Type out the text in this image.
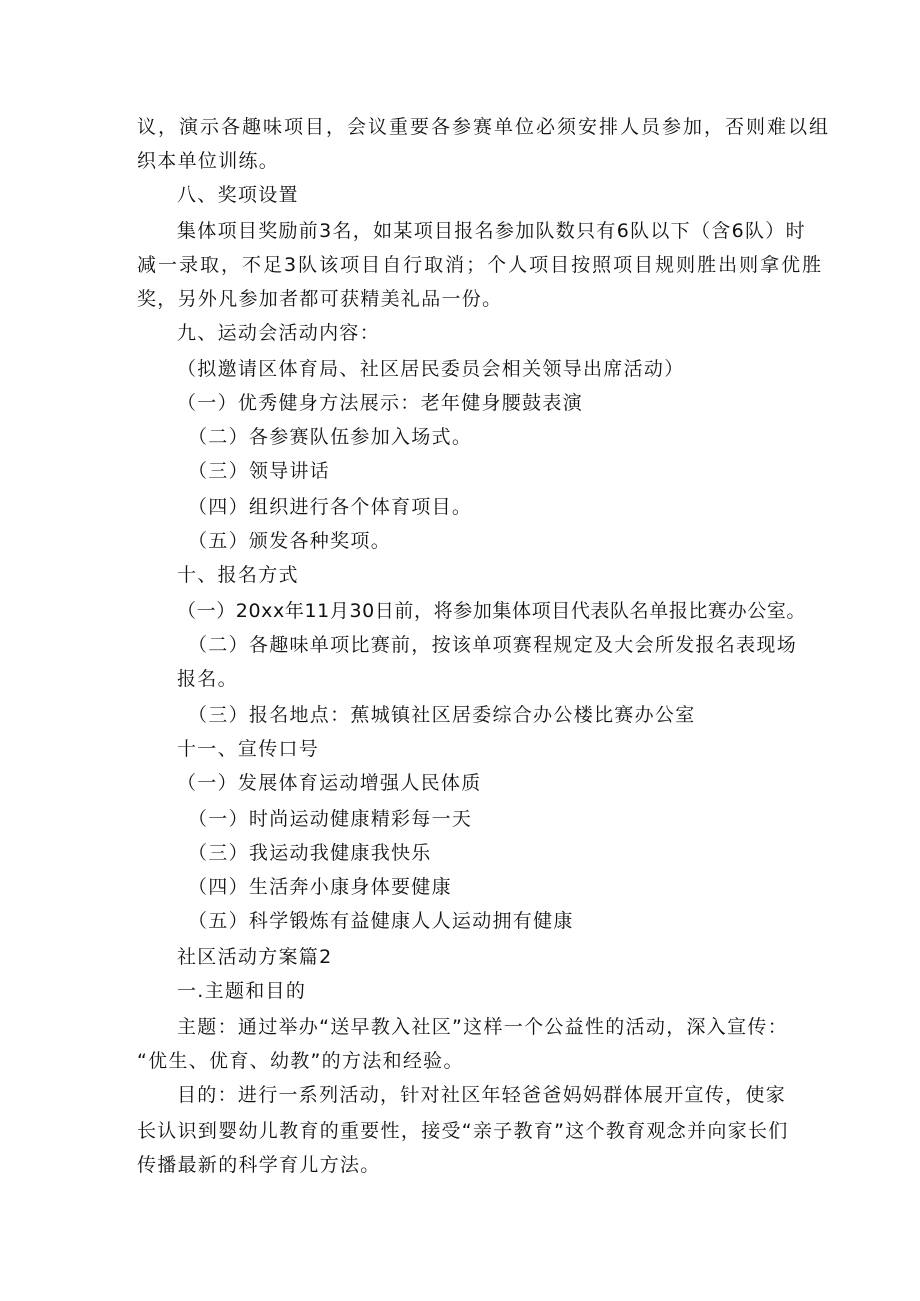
议，演示各趣味项目，会议重要各参赛单位必须安排人员参加，否则难以组
织本单位训练。
八、奖项设置
集体项目奖励前3名，如某项目报名参加队数只有6队以下（含6队）时
减一录取，不足3队该项目自行取消；个人项目按照项目规则胜出则拿优胜
奖，另外凡参加者都可获精美礼品一份。
九、运动会活动内容：
（拟邀请区体育局、社区居民委员会相关领导出席活动）
（一）优秀健身方法展示：老年健身腰鼓表演
（二）各参赛队伍参加入场式。
（三）领导讲话
（四）组织进行各个体育项目。
（五）颁发各种奖项。
十、报名方式
（一）20xx年11月30日前，将参加集体项目代表队名单报比赛办公室。
（二）各趣味单项比赛前，按该单项赛程规定及大会所发报名表现场
报名。
（三）报名地点：蕉城镇社区居委综合办公楼比赛办公室
十一、宣传口号
（一）发展体育运动增强人民体质
（一）时尚运动健康精彩每一天
（三）我运动我健康我快乐
（四）生活奔小康身体要健康
（五）科学锻炼有益健康人人运动拥有健康
社区活动方案篇2
一.主题和目的
主题：通过举办“送早教入社区”这样一个公益性的活动，深入宣传：
“优生、优育、幼教”的方法和经验。
目的：进行一系列活动，针对社区年轻爸爸妈妈群体展开宣传，使家
长认识到婴幼儿教育的重要性，接受“亲子教育”这个教育观念并向家长们
传播最新的科学育儿方法。
